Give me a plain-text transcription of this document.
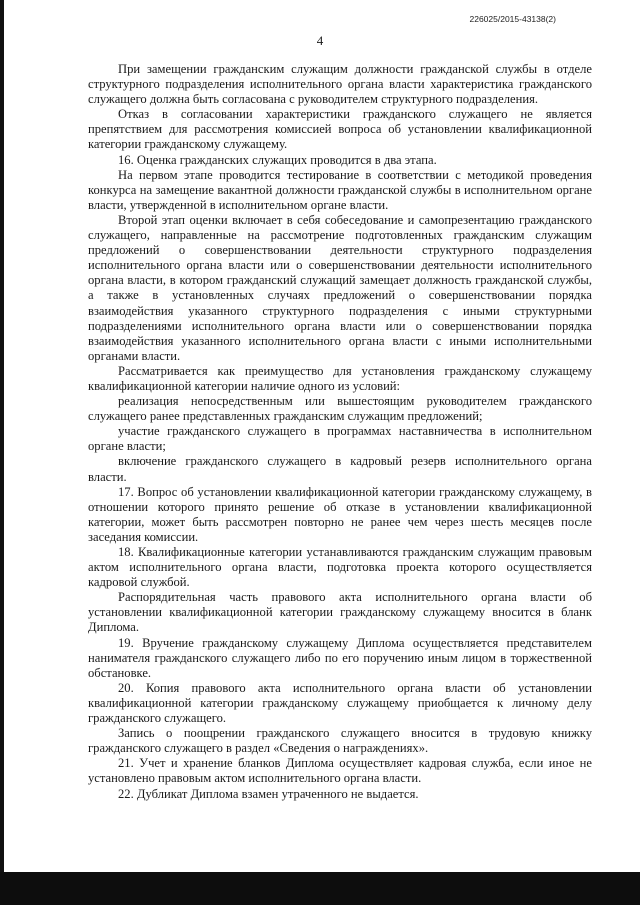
226025/2015-43138(2)
4

При замещении гражданским служащим должности гражданской службы в отделе структурного подразделения исполнительного органа власти характеристика гражданского служащего должна быть согласована с руководителем структурного подразделения.

Отказ в согласовании характеристики гражданского служащего не является препятствием для рассмотрения комиссией вопроса об установлении квалификационной категории гражданскому служащему.

16. Оценка гражданских служащих проводится в два этапа.

На первом этапе проводится тестирование в соответствии с методикой проведения конкурса на замещение вакантной должности гражданской службы в исполнительном органе власти, утвержденной в исполнительном органе власти.

Второй этап оценки включает в себя собеседование и самопрезентацию гражданского служащего, направленные на рассмотрение подготовленных гражданским служащим предложений о совершенствовании деятельности структурного подразделения исполнительного органа власти или о совершенствовании деятельности исполнительного органа власти, в котором гражданский служащий замещает должность гражданской службы, а также в установленных случаях предложений о совершенствовании порядка взаимодействия указанного структурного подразделения с иными структурными подразделениями исполнительного органа власти или о совершенствовании порядка взаимодействия указанного исполнительного органа власти с иными исполнительными органами власти.

Рассматривается как преимущество для установления гражданскому служащему квалификационной категории наличие одного из условий:

реализация непосредственным или вышестоящим руководителем гражданского служащего ранее представленных гражданским служащим предложений;

участие гражданского служащего в программах наставничества в исполнительном органе власти;

включение гражданского служащего в кадровый резерв исполнительного органа власти.

17. Вопрос об установлении квалификационной категории гражданскому служащему, в отношении которого принято решение об отказе в установлении квалификационной категории, может быть рассмотрен повторно не ранее чем через шесть месяцев после заседания комиссии.

18. Квалификационные категории устанавливаются гражданским служащим правовым актом исполнительного органа власти, подготовка проекта которого осуществляется кадровой службой.

Распорядительная часть правового акта исполнительного органа власти об установлении квалификационной категории гражданскому служащему вносится в бланк Диплома.

19. Вручение гражданскому служащему Диплома осуществляется представителем нанимателя гражданского служащего либо по его поручению иным лицом в торжественной обстановке.

20. Копия правового акта исполнительного органа власти об установлении квалификационной категории гражданскому служащему приобщается к личному делу гражданского служащего.

Запись о поощрении гражданского служащего вносится в трудовую книжку гражданского служащего в раздел «Сведения о награждениях».

21. Учет и хранение бланков Диплома осуществляет кадровая служба, если иное не установлено правовым актом исполнительного органа власти.

22. Дубликат Диплома взамен утраченного не выдается.
